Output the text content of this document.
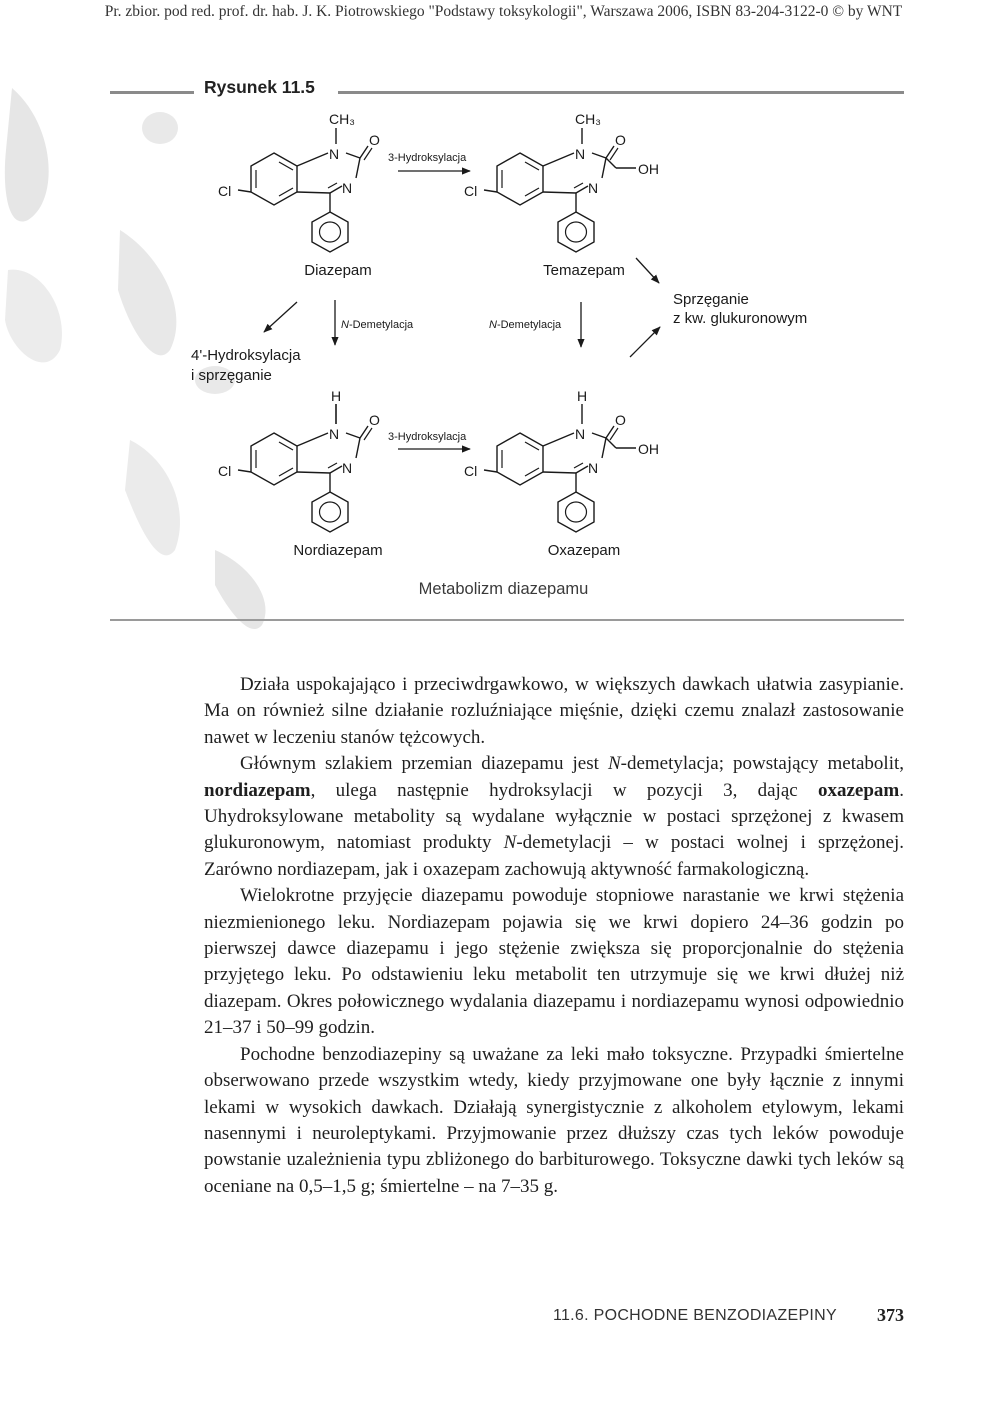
Pr. zbior. pod red. prof. dr. hab. J. K. Piotrowskiego "Podstawy toksykologii", Warszawa 2006, ISBN 83-204-3122-0 © by WNT
Rysunek 11.5
CH₃
N
O
N
Cl
CH₃
N
O
OH
N
Cl
H
N
O
N
Cl
H
N
O
OH
N
Cl
Diazepam	Temazepam
Nordiazepam	Oxazepam
3-Hydroksylacja
3-Hydroksylacja
N-Demetylacja	N-Demetylacja
4'-Hydroksylacja
i sprzęganie
Sprzęganie
z kw. glukuronowym
Metabolizm diazepamu

Działa uspokajająco i przeciwdrgawkowo, w większych dawkach ułatwia zasypianie. Ma on również silne działanie rozluźniające mięśnie, dzięki czemu znalazł zastosowanie nawet w leczeniu stanów tężcowych.

Głównym szlakiem przemian diazepamu jest N-demetylacja; powstający metabolit, nordiazepam, ulega następnie hydroksylacji w pozycji 3, dając oxazepam. Uhydroksylowane metabolity są wydalane wyłącznie w postaci sprzężonej z kwasem glukuronowym, natomiast produkty N-demetylacji – w postaci wolnej i sprzężonej. Zarówno nordiazepam, jak i oxazepam zachowują aktywność farmakologiczną.

Wielokrotne przyjęcie diazepamu powoduje stopniowe narastanie we krwi stężenia niezmienionego leku. Nordiazepam pojawia się we krwi dopiero 24–36 godzin po pierwszej dawce diazepamu i jego stężenie zwiększa się proporcjonalnie do stężenia przyjętego leku. Po odstawieniu leku metabolit ten utrzymuje się we krwi dłużej niż diazepam. Okres połowicznego wydalania diazepamu i nordiazepamu wynosi odpowiednio 21–37 i 50–99 godzin.

Pochodne benzodiazepiny są uważane za leki mało toksyczne. Przypadki śmiertelne obserwowano przede wszystkim wtedy, kiedy przyjmowane one były łącznie z innymi lekami w wysokich dawkach. Działają synergistycznie z alkoholem etylowym, lekami nasennymi i neuroleptykami. Przyjmowanie przez dłuższy czas tych leków powoduje powstanie uzależnienia typu zbliżonego do barbiturowego. Toksyczne dawki tych leków są oceniane na 0,5–1,5 g; śmiertelne – na 7–35 g.

11.6. POCHODNE BENZODIAZEPINY 373
